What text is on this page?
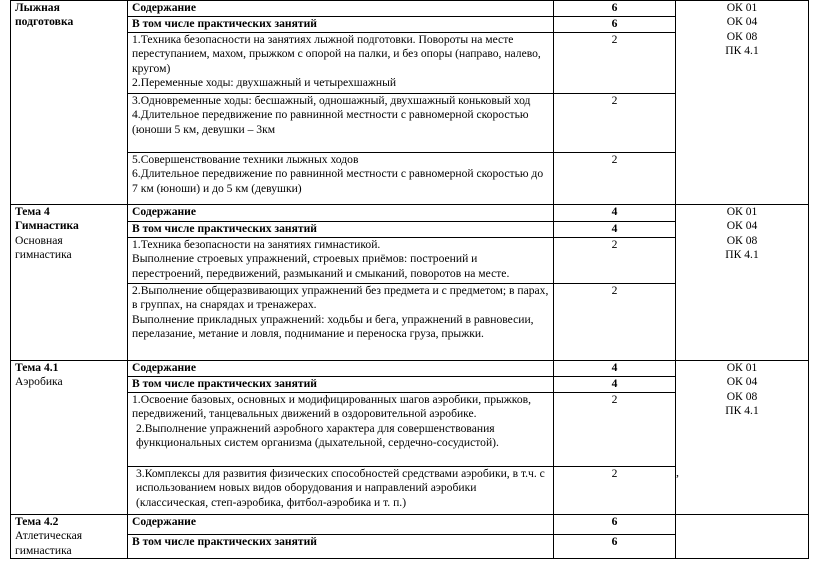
Лыжная
подготовка	Содержание	6	ОК 01
ОК 04
ОК 08
ПК 4.1

	В том числе практических занятий	6	

	1.Техника безопасности на занятиях лыжной подготовки. Повороты на месте переступанием, махом, прыжком с опорой на палки, и без опоры (направо, налево, кругом)
2.Переменные ходы: двухшажный и четырехшажный	2	

	3.Одновременные ходы: бесшажный, одношажный, двухшажный коньковый ход
4.Длительное передвижение по равнинной местности с равномерной скоростью (юноши 5 км, девушки – 3км	2	

	5.Совершенствование техники лыжных ходов
6.Длительное передвижение по равнинной местности с равномерной скоростью до 7 км (юноши) и до 5 км (девушки)	2	

Тема 4
Гимнастика
Основная
гимнастика	Содержание	4	ОК 01
ОК 04
ОК 08
ПК 4.1

	В том числе практических занятий	4	

	1.Техника безопасности на занятиях гимнастикой.
Выполнение строевых упражнений, строевых приёмов: построений и перестроений, передвижений, размыканий и смыканий, поворотов на месте.	2	

	2.Выполнение общеразвивающих упражнений без предмета и с предметом; в парах, в группах, на снарядах и тренажерах.
Выполнение прикладных упражнений: ходьбы и бега, упражнений в равновесии, перелазание, метание и ловля, поднимание и переноска груза, прыжки.	2	

Тема 4.1
Аэробика	Содержание	4	ОК 01
ОК 04
ОК 08
ПК 4.1

	В том числе практических занятий	4	

	1.Освоение базовых, основных и модифицированных шагов аэробики, прыжков, передвижений, танцевальных движений в оздоровительной аэробике.
2.Выполнение упражнений аэробного характера для совершенствования функциональных систем организма (дыхательной, сердечно-сосудистой).	2	

	3.Комплексы для развития физических способностей средствами аэробики, в т.ч. с использованием новых видов оборудования и направлений аэробики (классическая, степ-аэробика, фитбол-аэробика и т. п.)	2	

Тема 4.2
Атлетическая
гимнастика	Содержание	6	
	В том числе практических занятий	6	
,
